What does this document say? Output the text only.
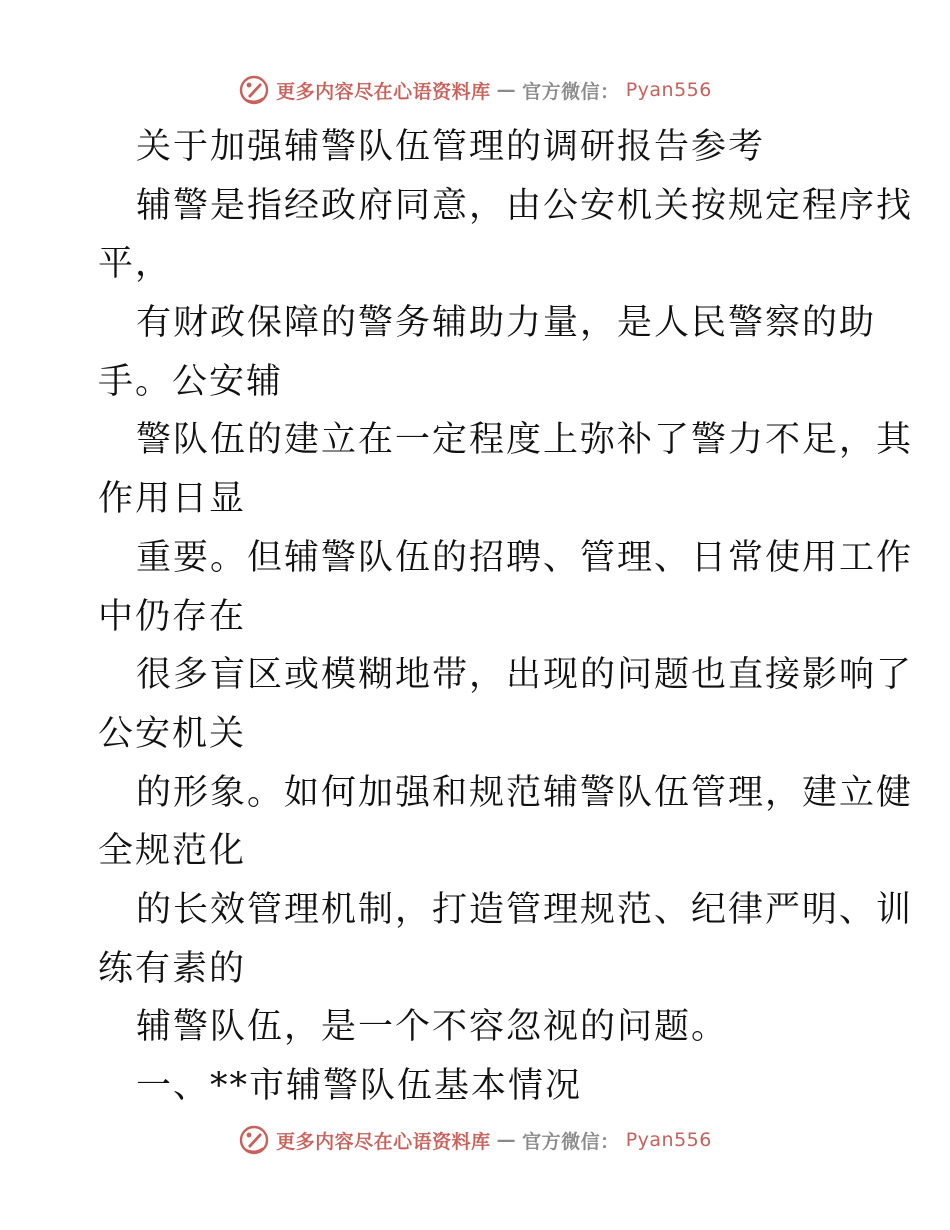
更多内容尽在心语资料库 — 官方微信： Pyan556
关于加强辅警队伍管理的调研报告参考
辅警是指经政府同意，由公安机关按规定程序找
平，
有财政保障的警务辅助力量，是人民警察的助
手。公安辅
警队伍的建立在一定程度上弥补了警力不足，其
作用日显
重要。但辅警队伍的招聘、管理、日常使用工作
中仍存在
很多盲区或模糊地带，出现的问题也直接影响了
公安机关
的形象。如何加强和规范辅警队伍管理，建立健
全规范化
的长效管理机制，打造管理规范、纪律严明、训
练有素的
辅警队伍，是一个不容忽视的问题。
一、**市辅警队伍基本情况
更多内容尽在心语资料库 — 官方微信： Pyan556
